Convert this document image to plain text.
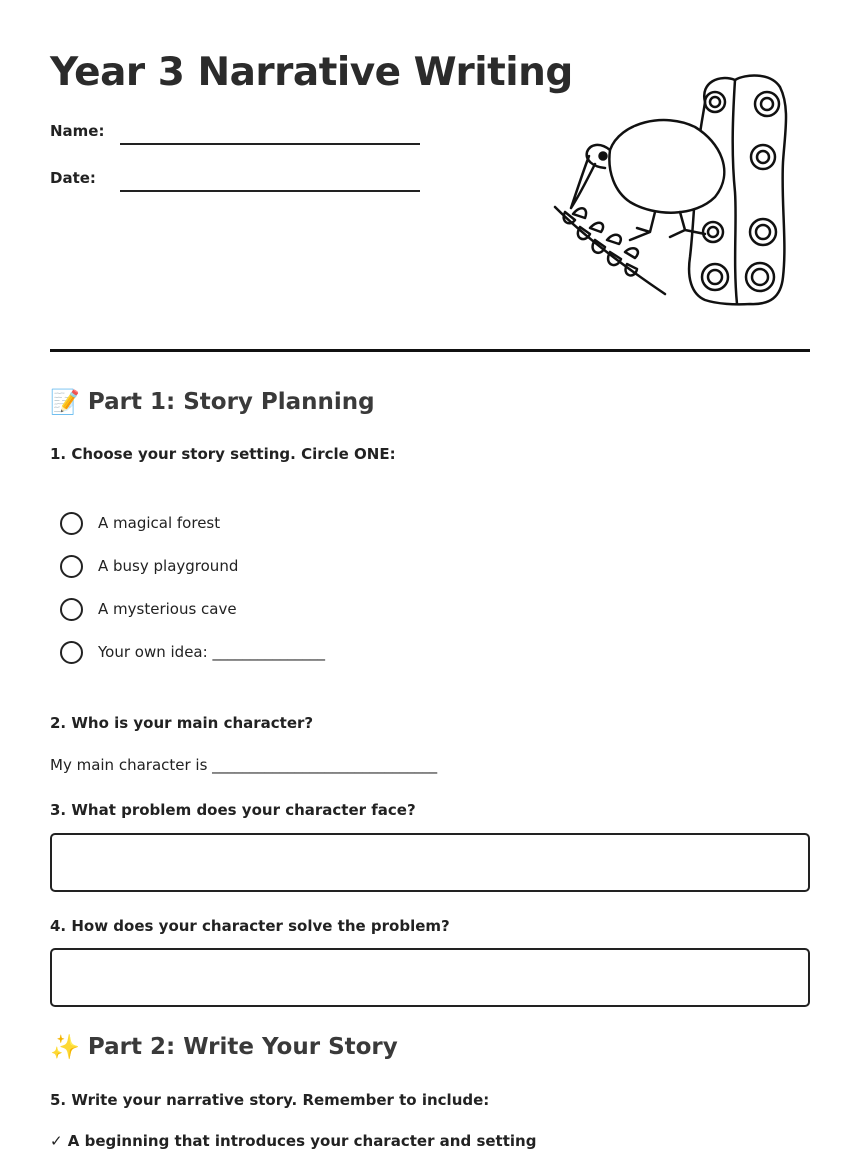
Year 3 Narrative Writing
Name:
Date:
📝 Part 1: Story Planning
1. Choose your story setting. Circle ONE:
A magical forest
A busy playground
A mysterious cave
Your own idea: _______________
2. Who is your main character?
My main character is ______________________________
3. What problem does your character face?
4. How does your character solve the problem?
✨ Part 2: Write Your Story
5. Write your narrative story. Remember to include:
✓ A beginning that introduces your character and setting
